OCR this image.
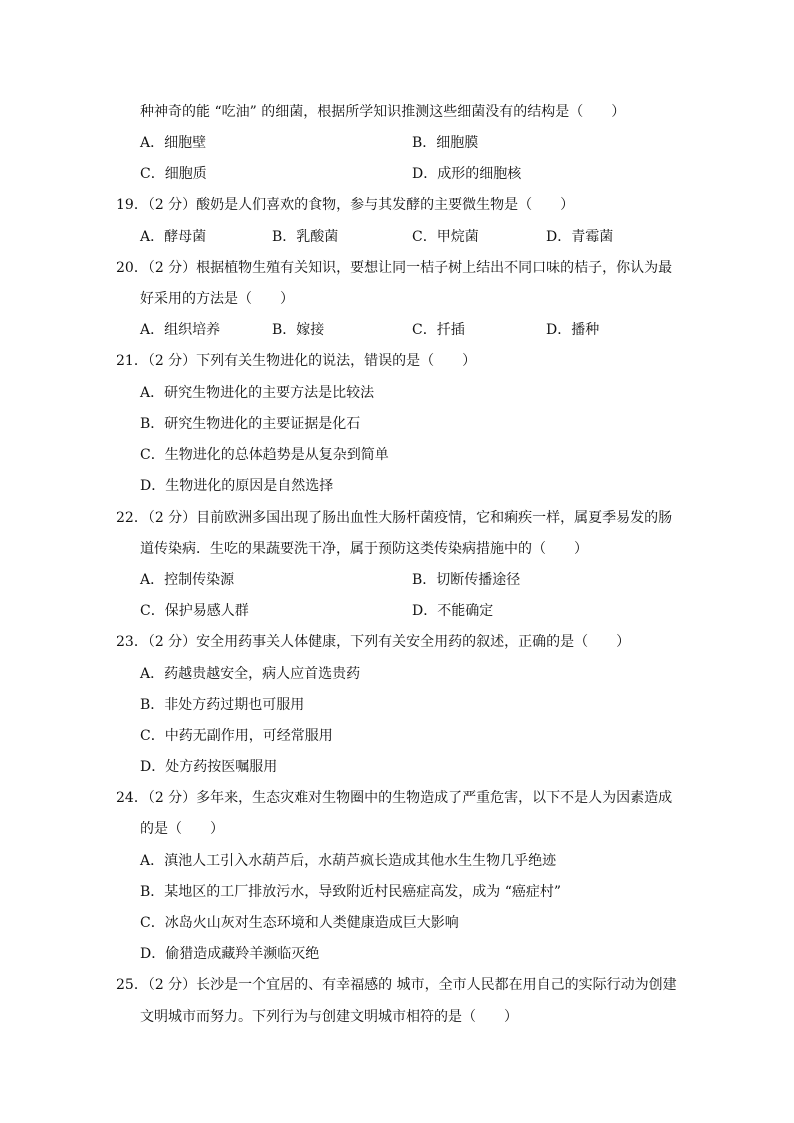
种神奇的能 “吃油” 的细菌，根据所学知识推测这些细菌没有的结构是（　　）
A．细胞壁	B．细胞膜
C．细胞质	D．成形的细胞核
19．（2 分）酸奶是人们喜欢的食物，参与其发酵的主要微生物是（　　）
A．酵母菌	B．乳酸菌	C．甲烷菌	D．青霉菌
20．（2 分）根据植物生殖有关知识，要想让同一桔子树上结出不同口味的桔子，你认为最
好采用的方法是（　　）
A．组织培养	B．嫁接	C．扦插	D．播种
21．（2 分）下列有关生物进化的说法，错误的是（　　）
A．研究生物进化的主要方法是比较法
B．研究生物进化的主要证据是化石
C．生物进化的总体趋势是从复杂到简单
D．生物进化的原因是自然选择
22．（2 分）目前欧洲多国出现了肠出血性大肠杆菌疫情，它和痢疾一样，属夏季易发的肠
道传染病．生吃的果蔬要洗干净，属于预防这类传染病措施中的（　　）
A．控制传染源	B．切断传播途径
C．保护易感人群	D．不能确定
23．（2 分）安全用药事关人体健康，下列有关安全用药的叙述，正确的是（　　）
A．药越贵越安全，病人应首选贵药
B．非处方药过期也可服用
C．中药无副作用，可经常服用
D．处方药按医嘱服用
24．（2 分）多年来，生态灾难对生物圈中的生物造成了严重危害，以下不是人为因素造成
的是（　　）
A．滇池人工引入水葫芦后，水葫芦疯长造成其他水生生物几乎绝迹
B．某地区的工厂排放污水，导致附近村民癌症高发，成为 “癌症村”
C．冰岛火山灰对生态环境和人类健康造成巨大影响
D．偷猎造成藏羚羊濒临灭绝
25．（2 分）长沙是一个宜居的、有幸福感的 城市，全市人民都在用自己的实际行动为创建
文明城市而努力。下列行为与创建文明城市相符的是（　　）
